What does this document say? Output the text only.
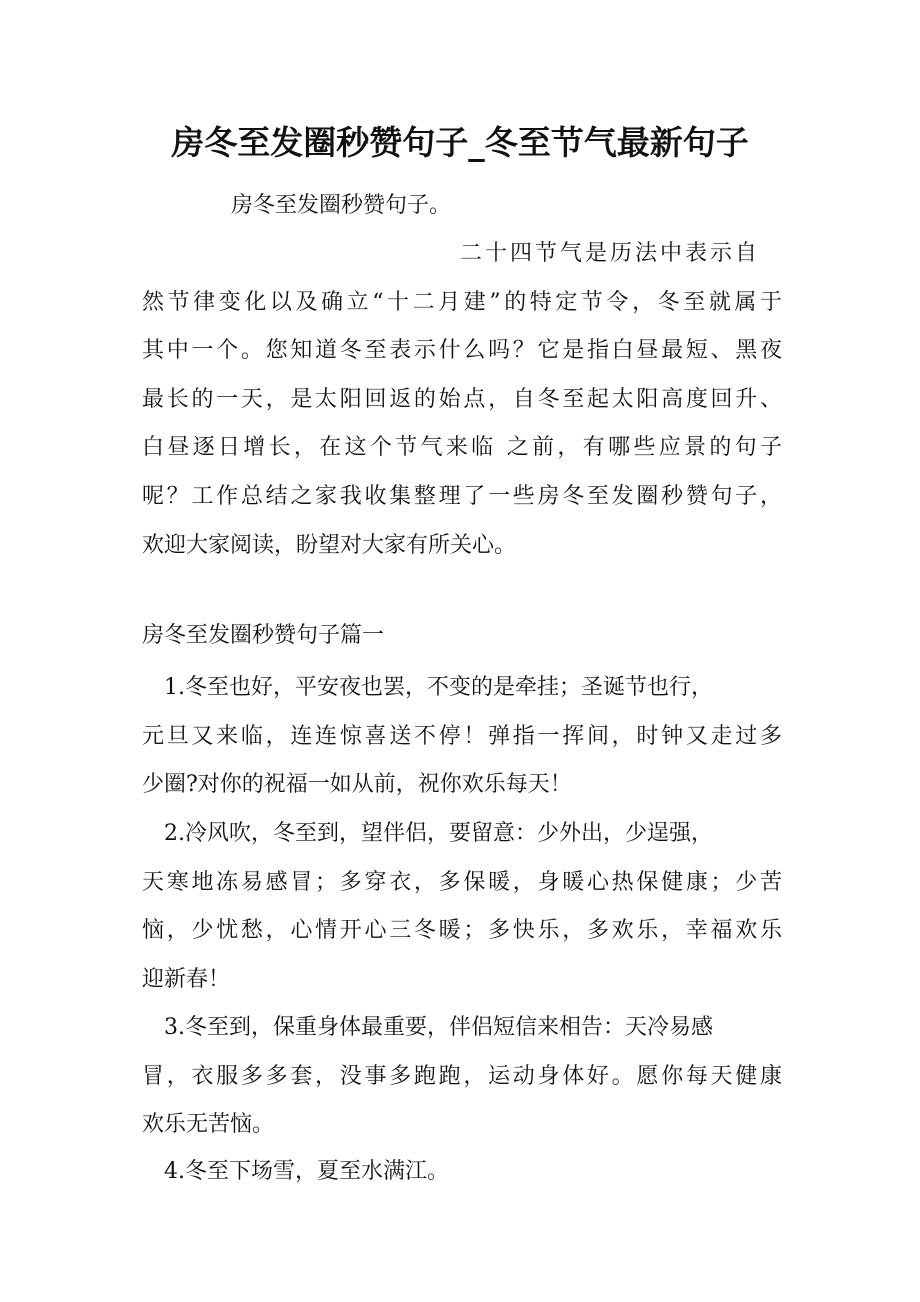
房冬至发圈秒赞句子_冬至节气最新句子
房冬至发圈秒赞句子。
二十四节气是历法中表示自
然节律变化以及确立“十二月建”的特定节令，冬至就属于
其中一个。您知道冬至表示什么吗？它是指白昼最短、黑夜
最长的一天，是太阳回返的始点，自冬至起太阳高度回升、
白昼逐日增长，在这个节气来临 之前，有哪些应景的句子
呢？工作总结之家我收集整理了一些房冬至发圈秒赞句子，
欢迎大家阅读，盼望对大家有所关心。
房冬至发圈秒赞句子篇一
1.冬至也好，平安夜也罢，不变的是牵挂；圣诞节也行，
元旦又来临，连连惊喜送不停！弹指一挥间，时钟又走过多
少圈?对你的祝福一如从前，祝你欢乐每天！
2.冷风吹，冬至到，望伴侣，要留意：少外出，少逞强，
天寒地冻易感冒；多穿衣，多保暖，身暖心热保健康；少苦
恼，少忧愁，心情开心三冬暖；多快乐，多欢乐，幸福欢乐
迎新春！
3.冬至到，保重身体最重要，伴侣短信来相告：天冷易感
冒，衣服多多套，没事多跑跑，运动身体好。愿你每天健康
欢乐无苦恼。
4.冬至下场雪，夏至水满江。
